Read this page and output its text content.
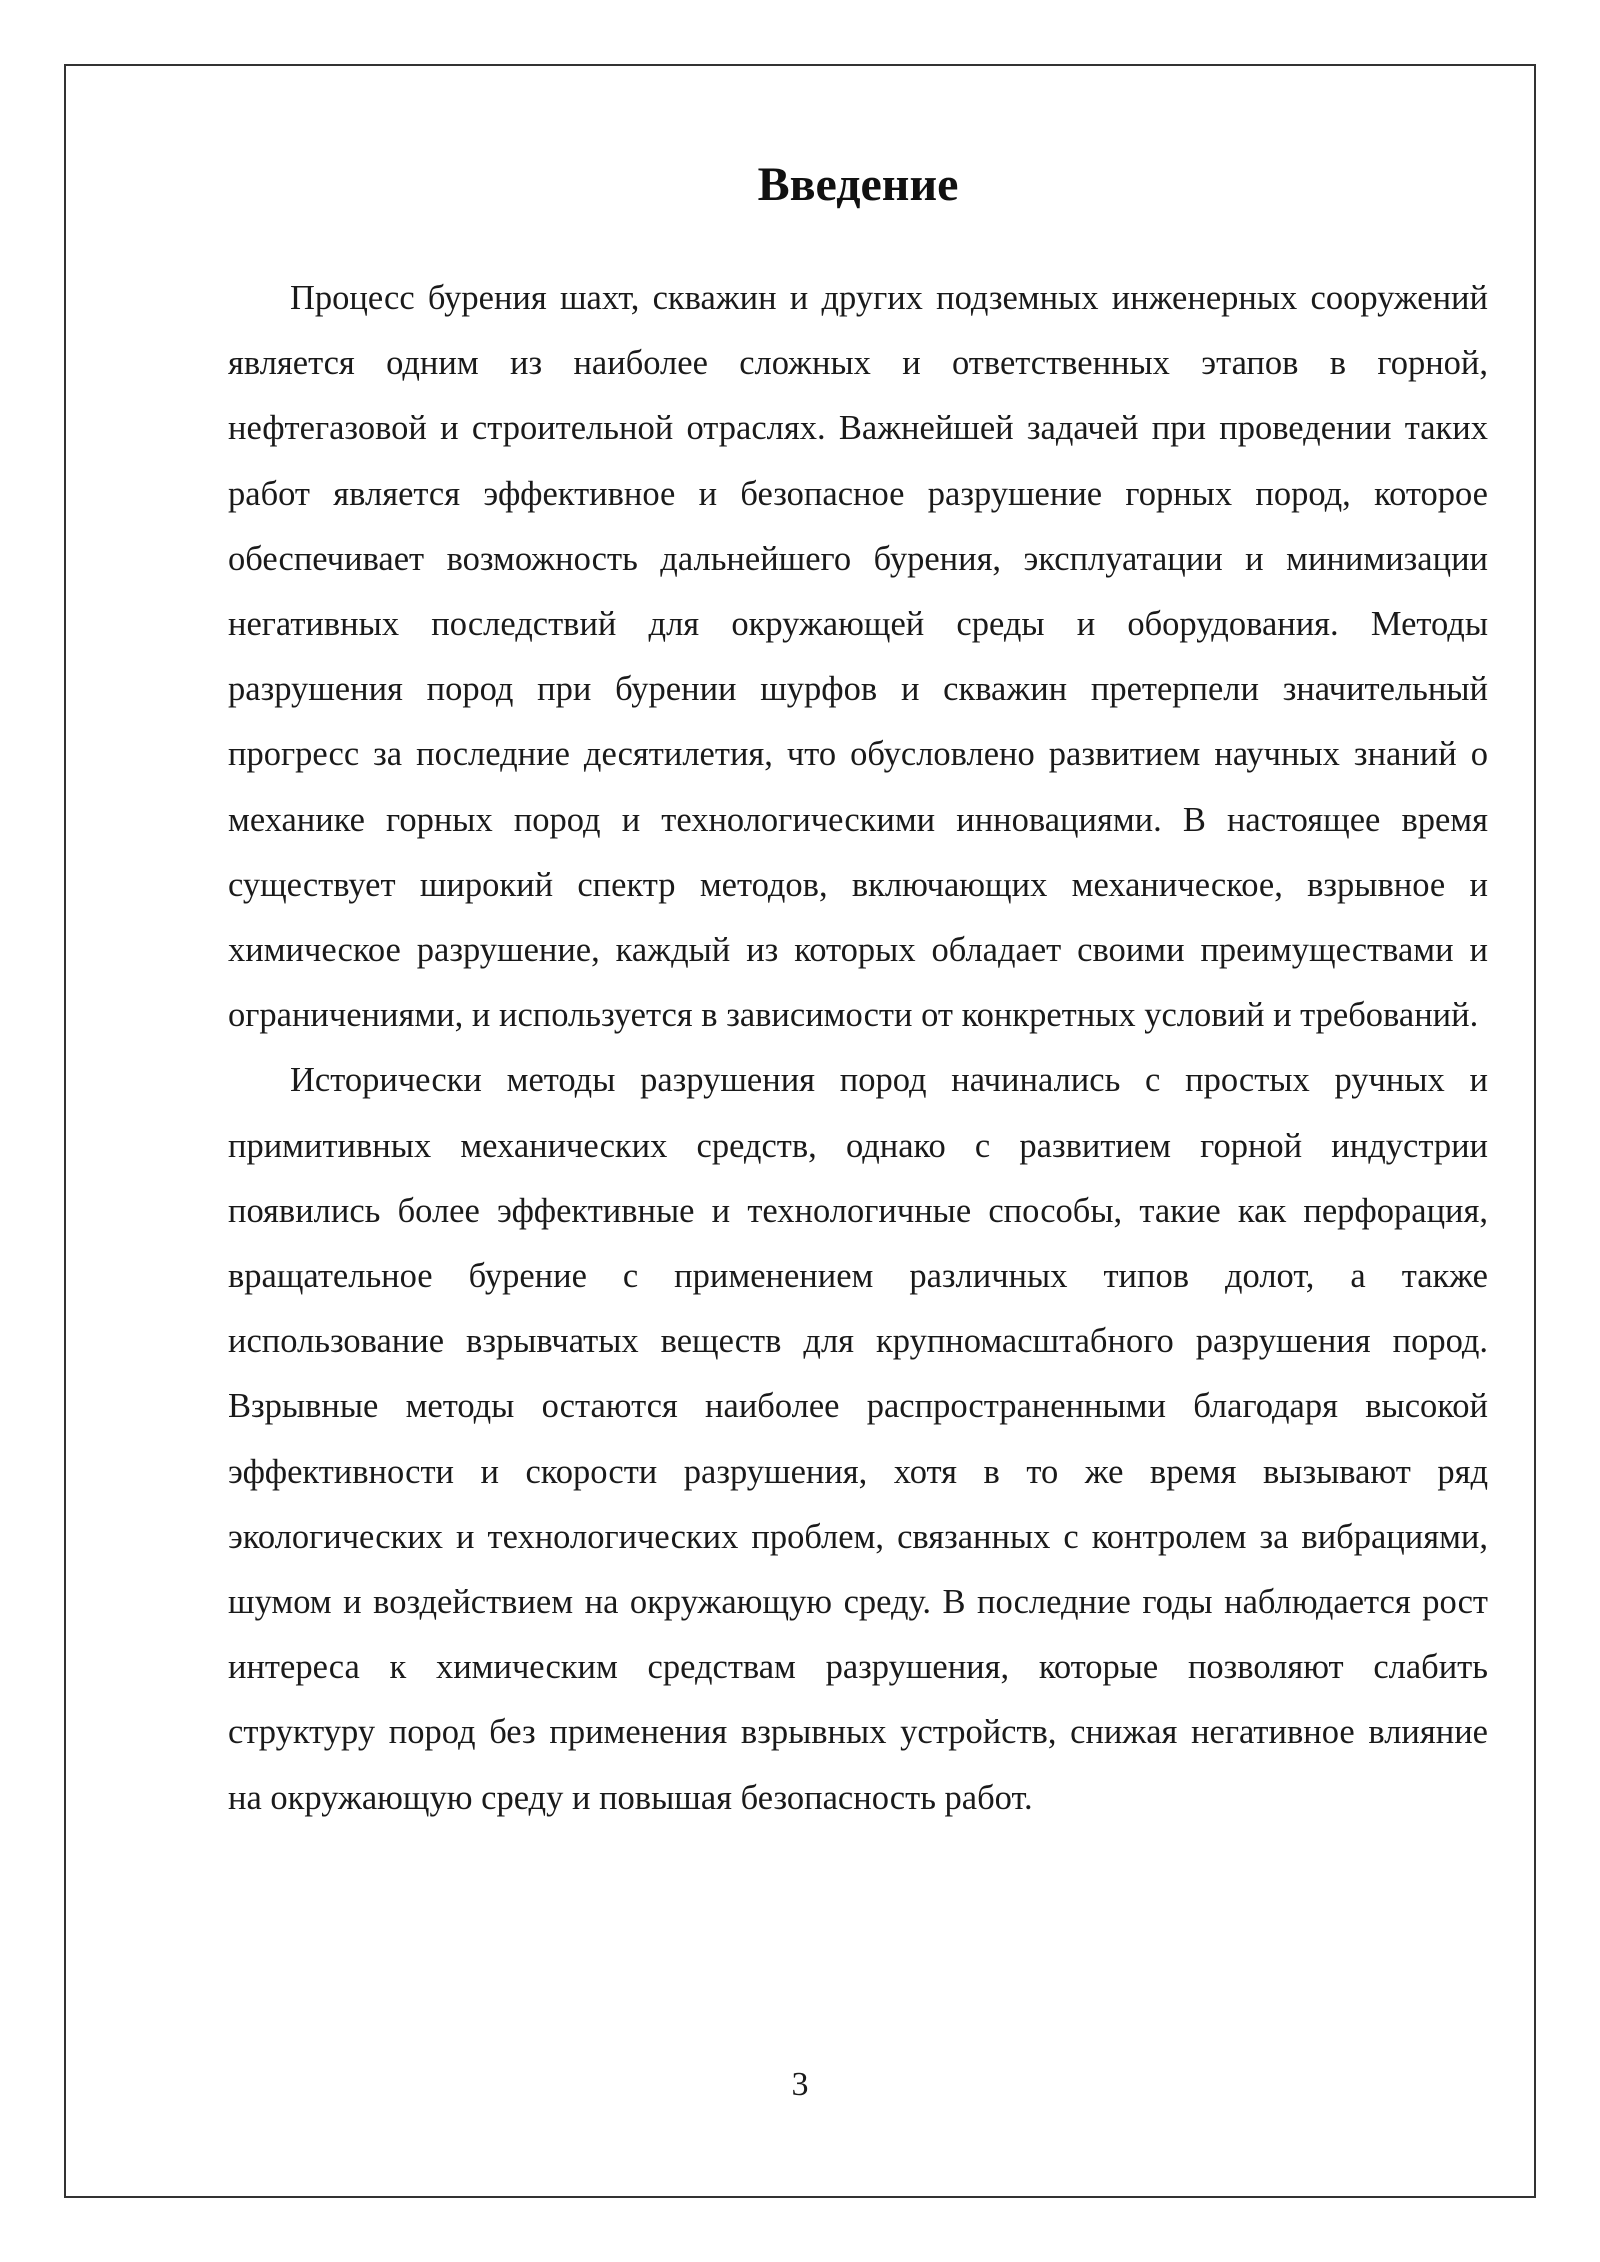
Введение

Процесс бурения шахт, скважин и других подземных инженерных сооружений является одним из наиболее сложных и ответственных этапов в горной, нефтегазовой и строительной отраслях. Важнейшей задачей при проведении таких работ является эффективное и безопасное разрушение горных пород, которое обеспечивает возможность дальнейшего бурения, эксплуатации и минимизации негативных последствий для окружающей среды и оборудования. Методы разрушения пород при бурении шурфов и скважин претерпели значительный прогресс за последние десятилетия, что обусловлено развитием научных знаний о механике горных пород и технологическими инновациями. В настоящее время существует широкий спектр методов, включающих механическое, взрывное и химическое разрушение, каждый из которых обладает своими преимуществами и ограничениями, и используется в зависимости от конкретных условий и требований.

Исторически методы разрушения пород начинались с простых ручных и примитивных механических средств, однако с развитием горной индустрии появились более эффективные и технологичные способы, такие как перфорация, вращательное бурение с применением различных типов долот, а также использование взрывчатых веществ для крупномасштабного разрушения пород. Взрывные методы остаются наиболее распространенными благодаря высокой эффективности и скорости разрушения, хотя в то же время вызывают ряд экологических и технологических проблем, связанных с контролем за вибрациями, шумом и воздействием на окружающую среду. В последние годы наблюдается рост интереса к химическим средствам разрушения, которые позволяют слабить структуру пород без применения взрывных устройств, снижая негативное влияние на окружающую среду и повышая безопасность работ.

3
